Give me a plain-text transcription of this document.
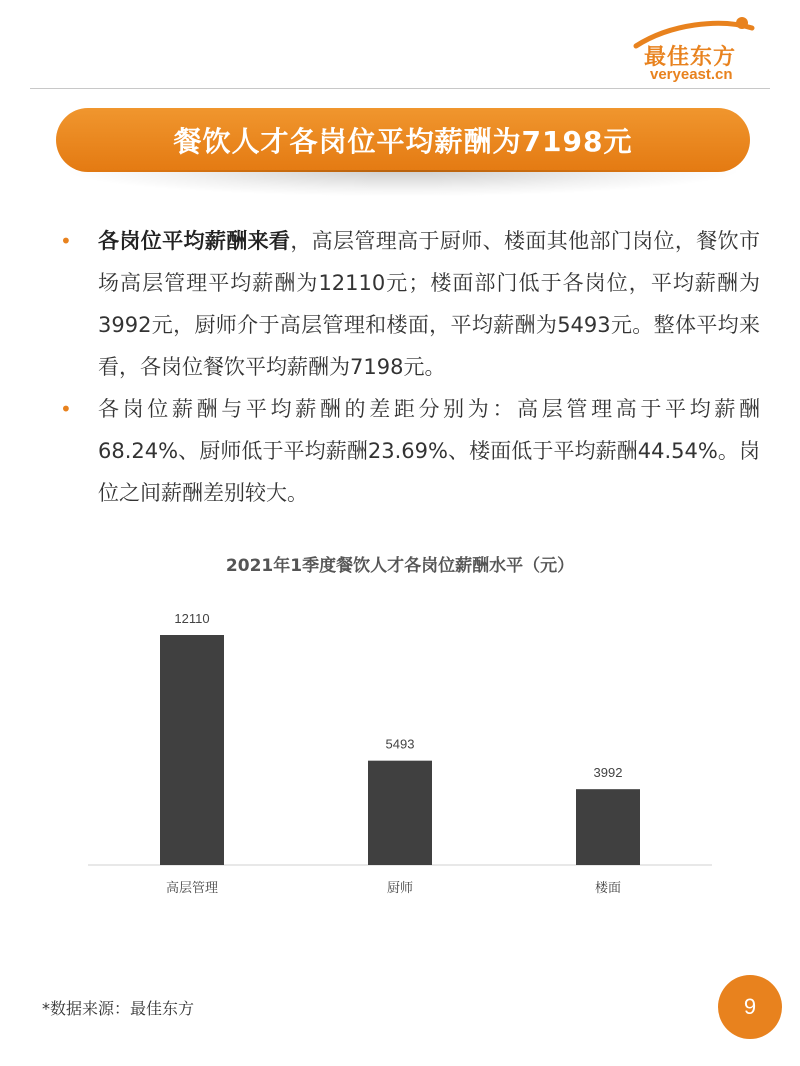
最佳东方
veryeast.cn
餐饮人才各岗位平均薪酬为7198元
• 各岗位平均薪酬来看，高层管理高于厨师、楼面其他部门岗位，餐饮市场高层管理平均薪酬为12110元；楼面部门低于各岗位，平均薪酬为3992元，厨师介于高层管理和楼面，平均薪酬为5493元。整体平均来看，各岗位餐饮平均薪酬为7198元。
• 各岗位薪酬与平均薪酬的差距分别为：高层管理高于平均薪酬68.24%、厨师低于平均薪酬23.69%、楼面低于平均薪酬44.54%。岗位之间薪酬差别较大。
2021年1季度餐饮人才各岗位薪酬水平（元）
12110
高层管理
5493
厨师
3992
楼面
*数据来源：最佳东方	9
